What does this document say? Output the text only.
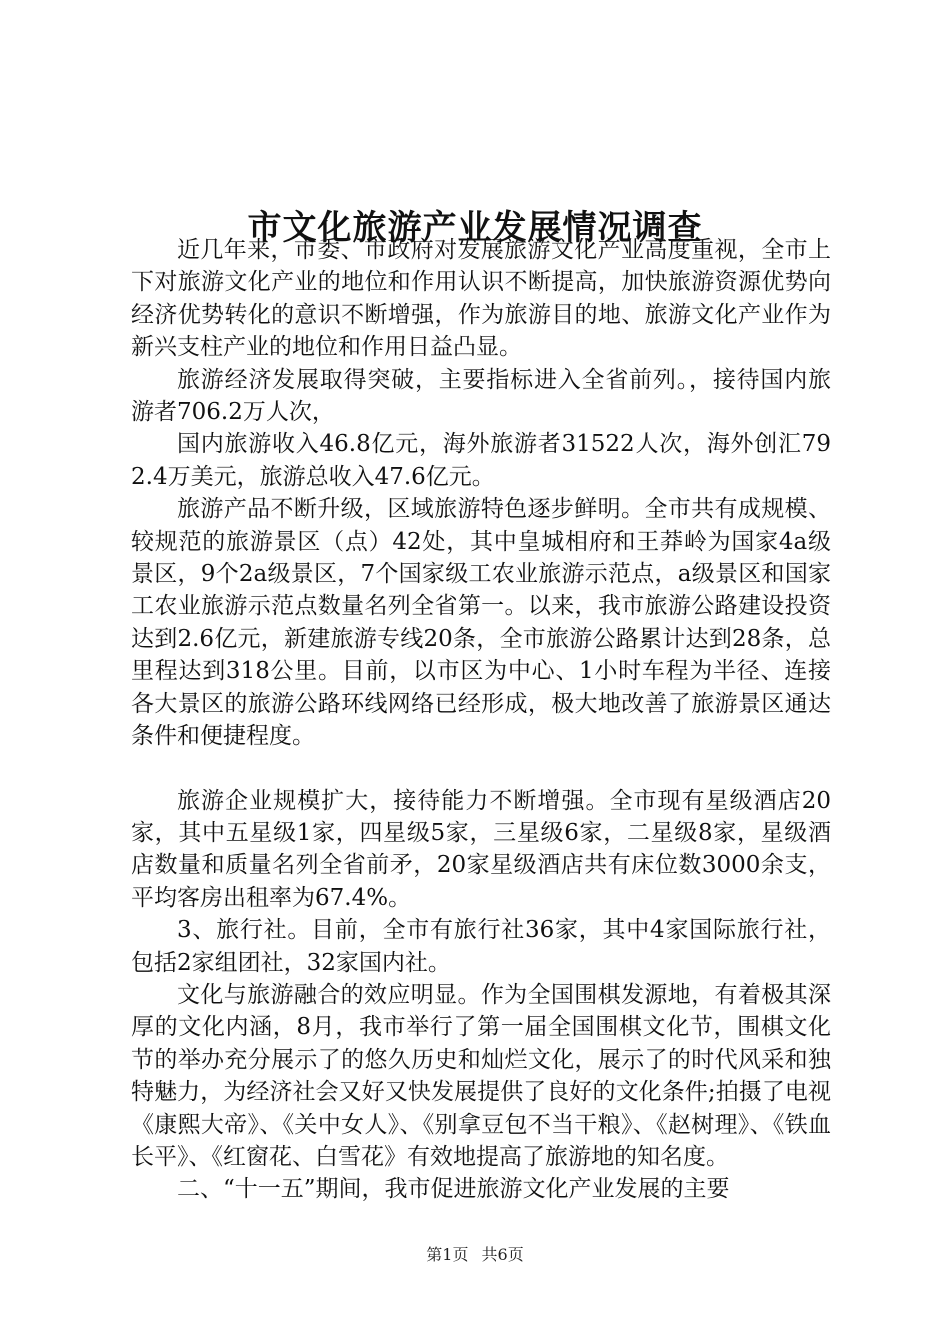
市文化旅游产业发展情况调查

近几年来，市委、市政府对发展旅游文化产业高度重视，全市上下对旅游文化产业的地位和作用认识不断提高，加快旅游资源优势向经济优势转化的意识不断增强，作为旅游目的地、旅游文化产业作为新兴支柱产业的地位和作用日益凸显。

旅游经济发展取得突破，主要指标进入全省前列。，接待国内旅游者706.2万人次，

国内旅游收入46.8亿元，海外旅游者31522人次，海外创汇792.4万美元，旅游总收入47.6亿元。

旅游产品不断升级，区域旅游特色逐步鲜明。全市共有成规模、较规范的旅游景区（点）42处，其中皇城相府和王莽岭为国家4a级景区，9个2a级景区，7个国家级工农业旅游示范点，a级景区和国家工农业旅游示范点数量名列全省第一。以来，我市旅游公路建设投资达到2.6亿元，新建旅游专线20条，全市旅游公路累计达到28条，总里程达到318公里。目前，以市区为中心、1小时车程为半径、连接各大景区的旅游公路环线网络已经形成，极大地改善了旅游景区通达条件和便捷程度。

旅游企业规模扩大，接待能力不断增强。全市现有星级酒店20家，其中五星级1家，四星级5家，三星级6家，二星级8家，星级酒店数量和质量名列全省前矛，20家星级酒店共有床位数3000余支，平均客房出租率为67.4%。

3、旅行社。目前，全市有旅行社36家，其中4家国际旅行社，包括2家组团社，32家国内社。

文化与旅游融合的效应明显。作为全国围棋发源地，有着极其深厚的文化内涵，8月，我市举行了第一届全国围棋文化节，围棋文化节的举办充分展示了的悠久历史和灿烂文化，展示了的时代风采和独特魅力，为经济社会又好又快发展提供了良好的文化条件;拍摄了电视《康熙大帝》、《关中女人》、《别拿豆包不当干粮》、《赵树理》、《铁血长平》、《红窗花、白雪花》有效地提高了旅游地的知名度。

二、“十一五”期间，我市促进旅游文化产业发展的主要

第1页 共6页
